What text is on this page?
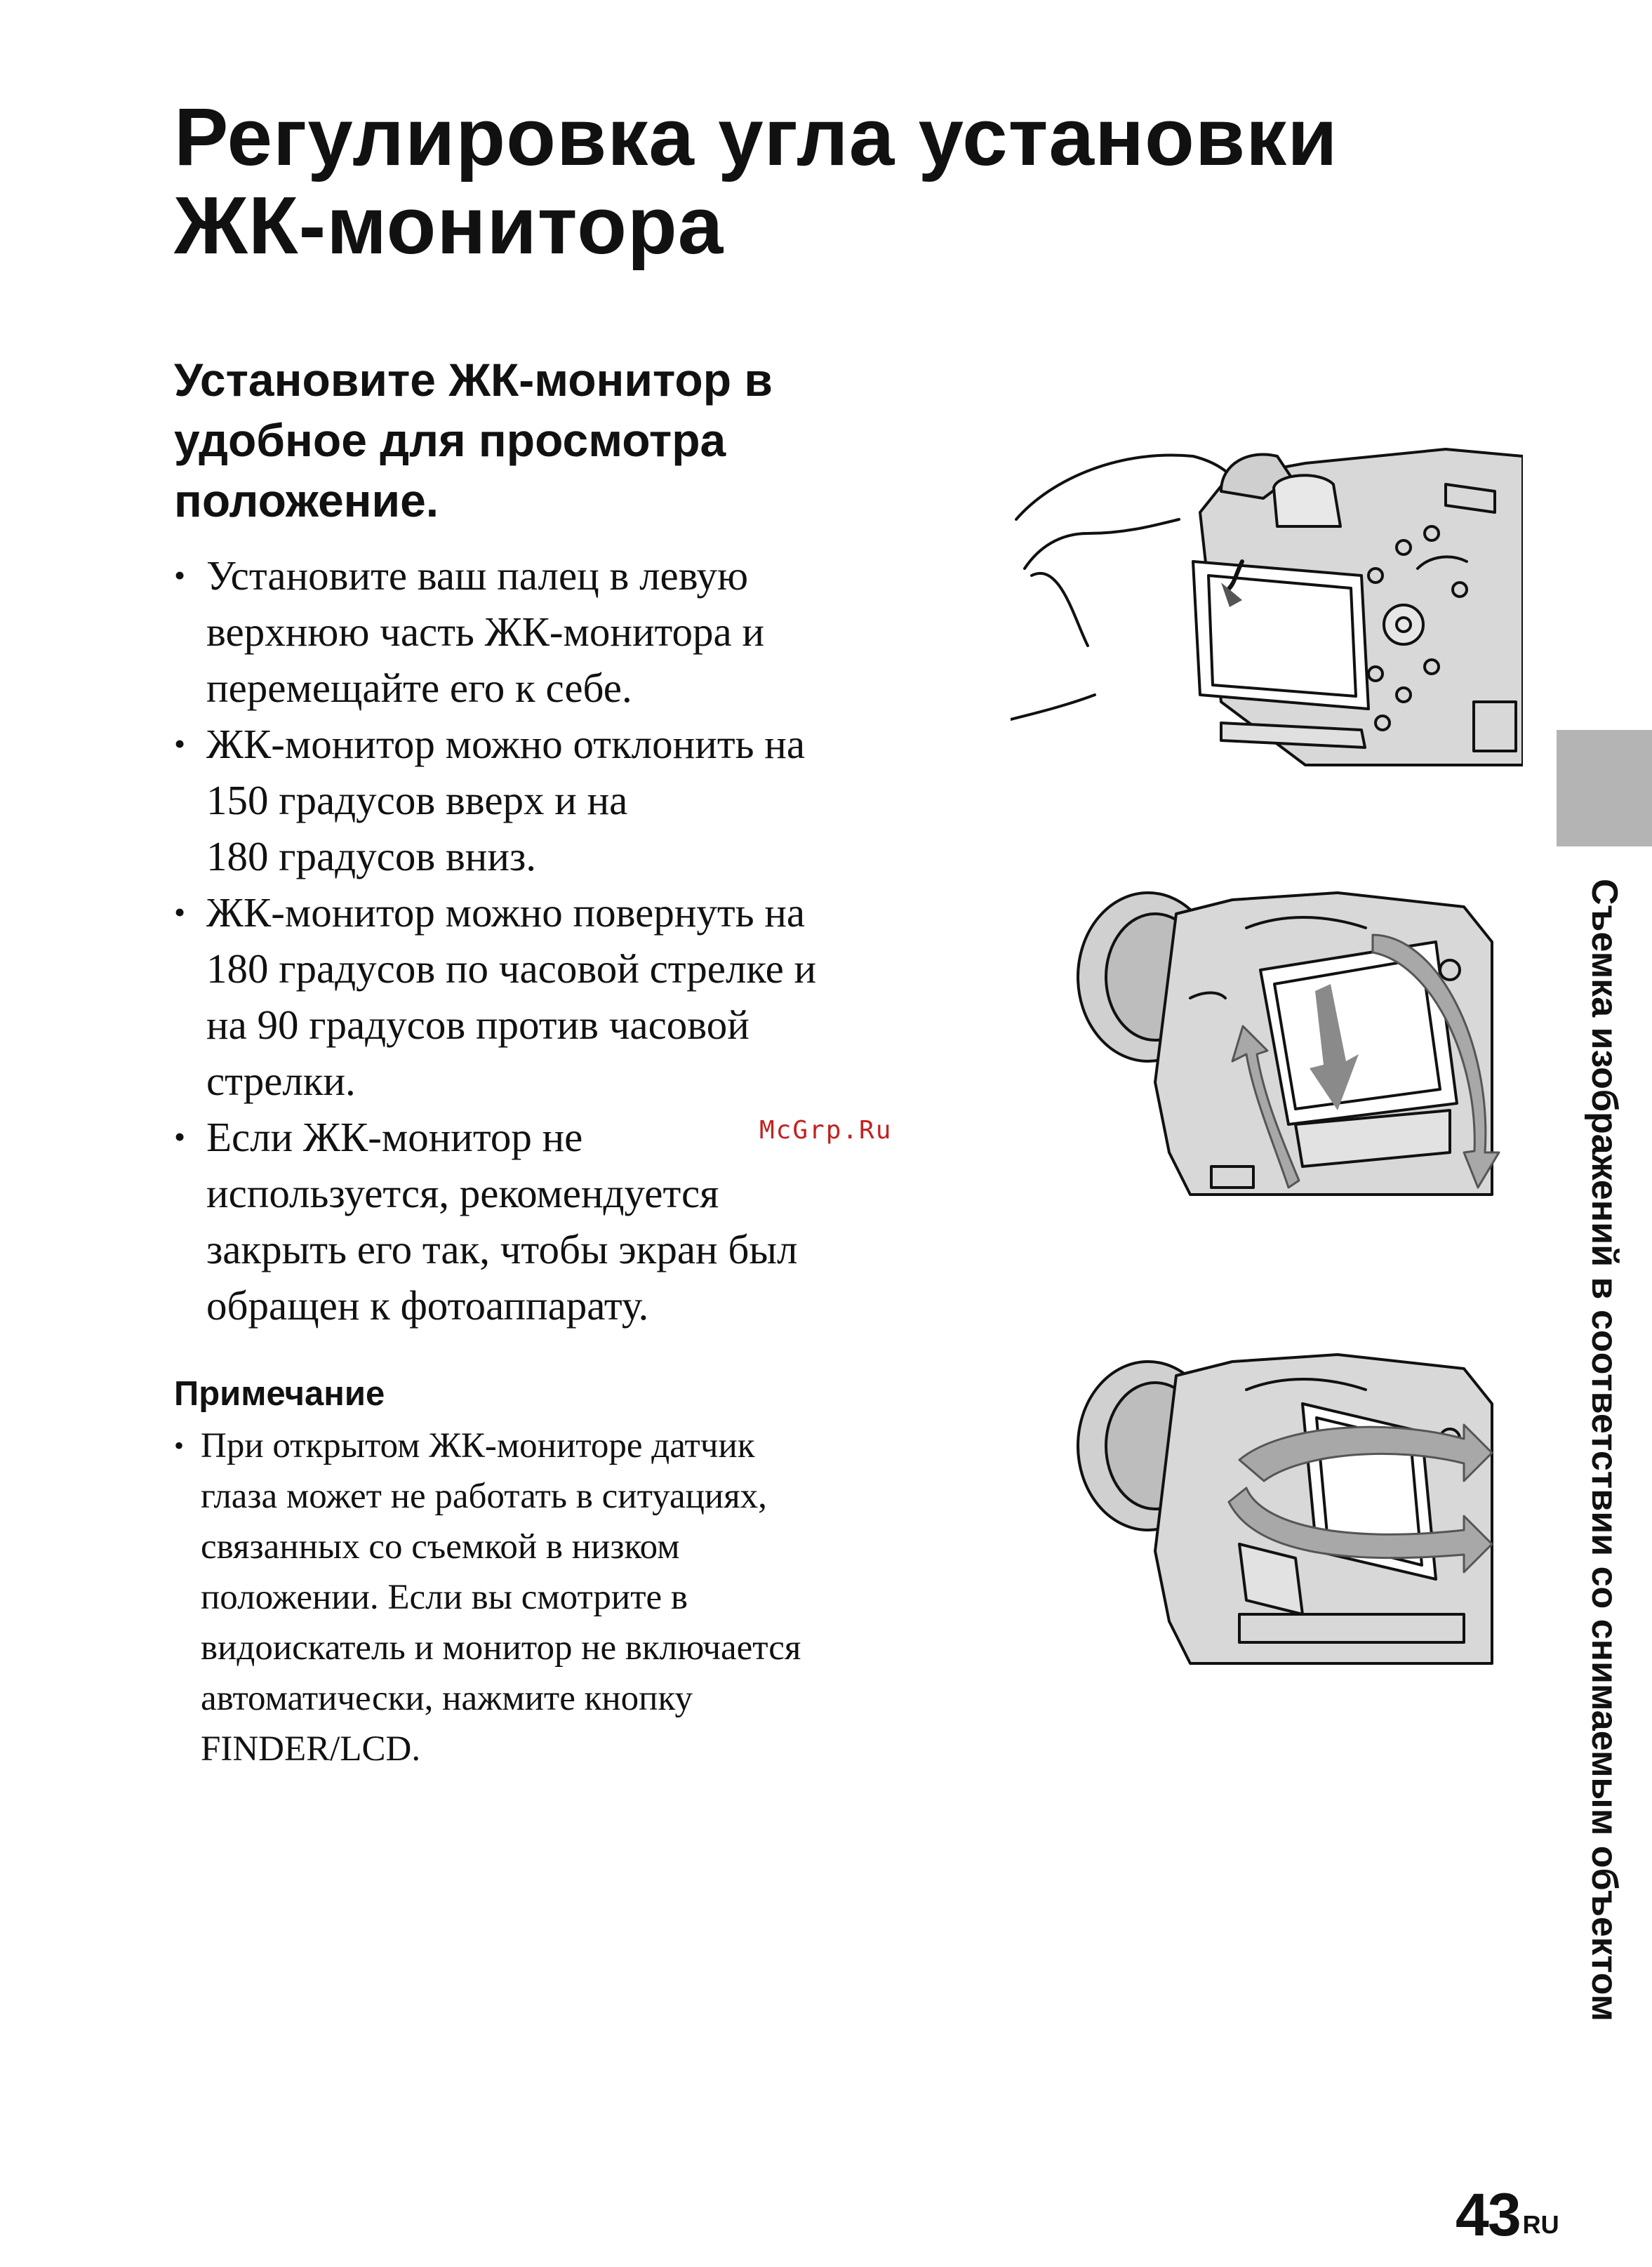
Регулировка угла установки
ЖК-монитора
Установите ЖК-монитор в
удобное для просмотра
положение.
• Установите ваш палец в левую
верхнюю часть ЖК-монитора и
перемещайте его к себе.
• ЖК-монитор можно отклонить на
150 градусов вверх и на
180 градусов вниз.
• ЖК-монитор можно повернуть на
180 градусов по часовой стрелке и
на 90 градусов против часовой
стрелки.
• Если ЖК-монитор не
используется, рекомендуется
закрыть его так, чтобы экран был
обращен к фотоаппарату.
McGrp.Ru
Примечание
• При открытом ЖК-мониторе датчик
глаза может не работать в ситуациях,
связанных со съемкой в низком
положении. Если вы смотрите в
видоискатель и монитор не включается
автоматически, нажмите кнопку
FINDER/LCD.	Съемка изображений в соответствии со снимаемым объектом
43 $^{RU}$
